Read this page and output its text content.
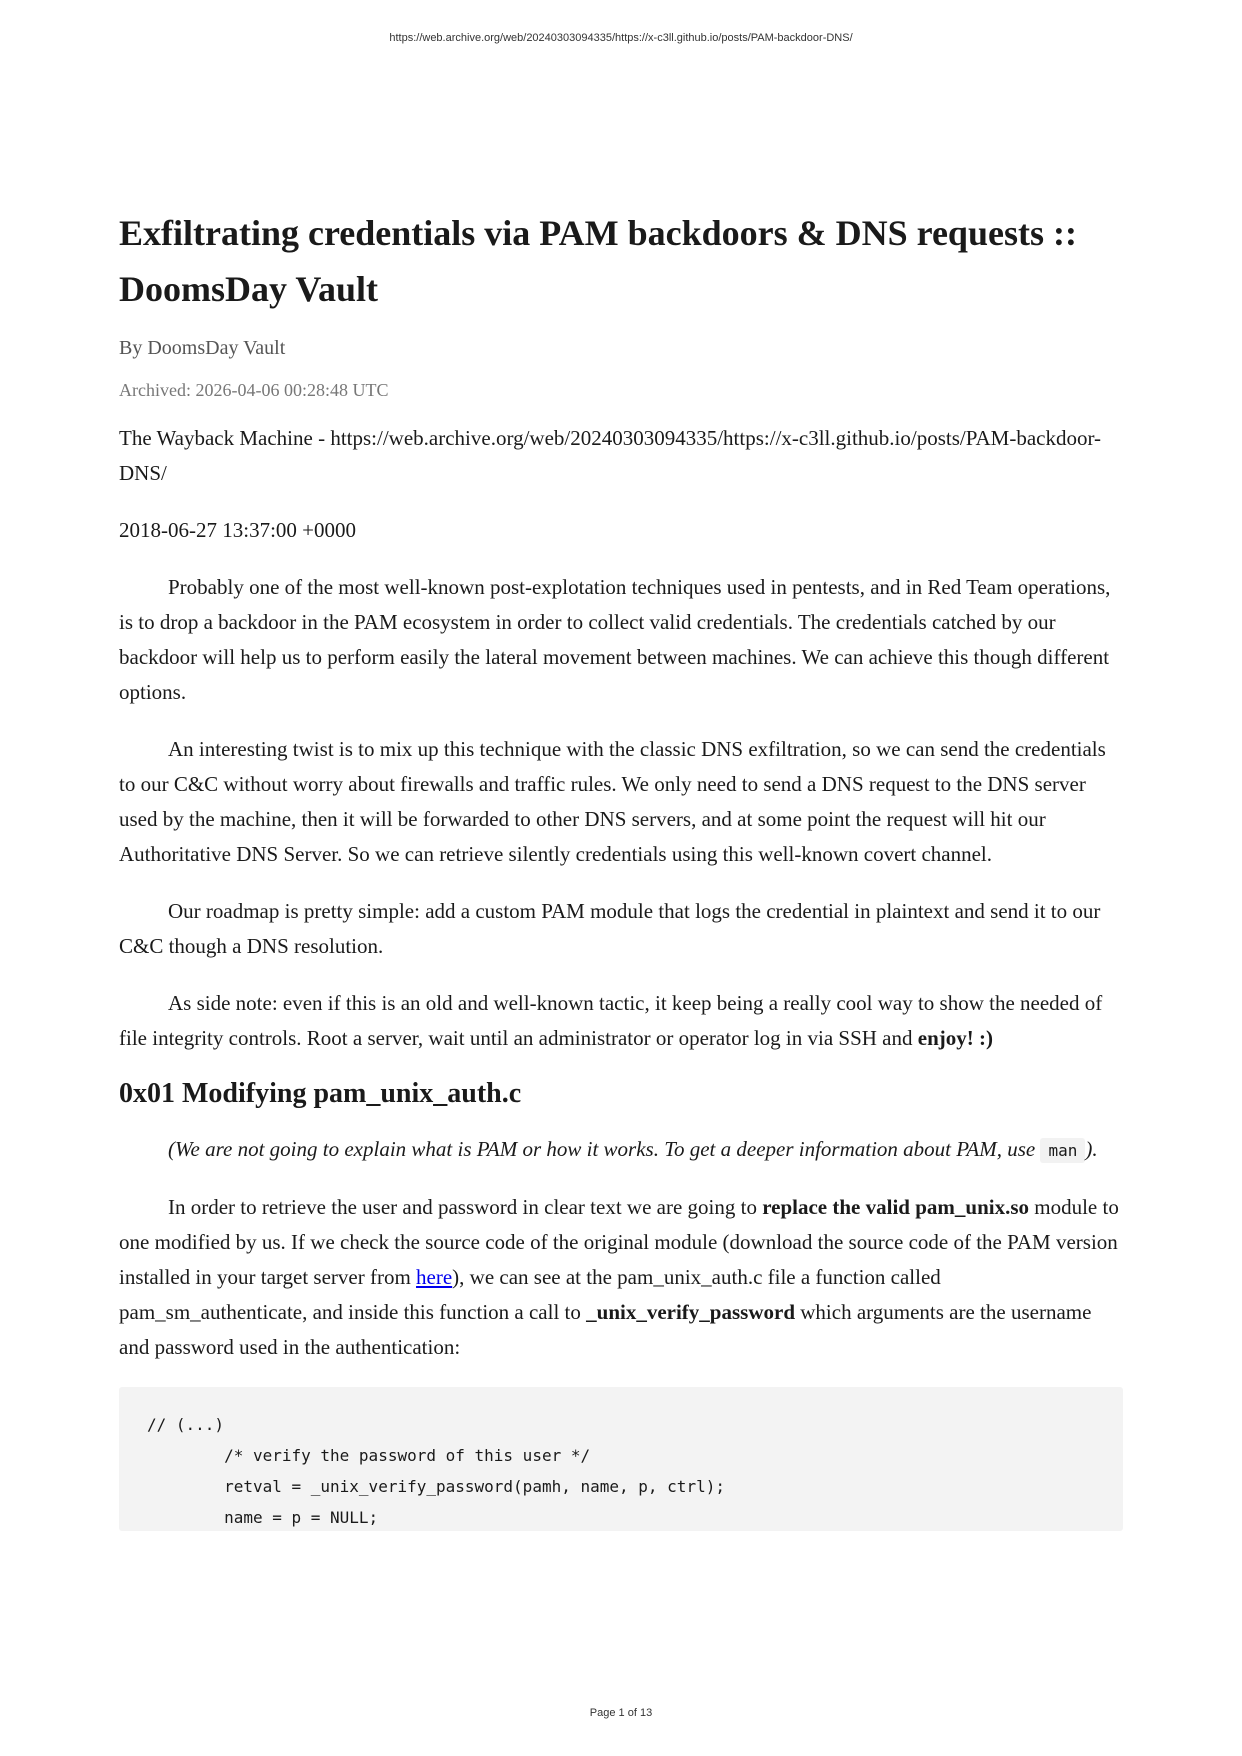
https://web.archive.org/web/20240303094335/https://x-c3ll.github.io/posts/PAM-backdoor-DNS/
Exfiltrating credentials via PAM backdoors & DNS requests :: DoomsDay Vault
By DoomsDay Vault
Archived: 2026-04-06 00:28:48 UTC

The Wayback Machine - https://web.archive.org/web/20240303094335/https://x-c3ll.github.io/posts/PAM-backdoor-DNS/

2018-06-27 13:37:00 +0000

Probably one of the most well-known post-explotation techniques used in pentests, and in Red Team operations, is to drop a backdoor in the PAM ecosystem in order to collect valid credentials. The credentials catched by our backdoor will help us to perform easily the lateral movement between machines. We can achieve this though different options.

An interesting twist is to mix up this technique with the classic DNS exfiltration, so we can send the credentials to our C&C without worry about firewalls and traffic rules. We only need to send a DNS request to the DNS server used by the machine, then it will be forwarded to other DNS servers, and at some point the request will hit our Authoritative DNS Server. So we can retrieve silently credentials using this well-known covert channel.

Our roadmap is pretty simple: add a custom PAM module that logs the credential in plaintext and send it to our C&C though a DNS resolution.

As side note: even if this is an old and well-known tactic, it keep being a really cool way to show the needed of file integrity controls. Root a server, wait until an administrator or operator log in via SSH and enjoy! :)

0x01 Modifying pam_unix_auth.c

(We are not going to explain what is PAM or how it works. To get a deeper information about PAM, use man ).

In order to retrieve the user and password in clear text we are going to replace the valid pam_unix.so module to one modified by us. If we check the source code of the original module (download the source code of the PAM version installed in your target server from here), we can see at the pam_unix_auth.c file a function called pam_sm_authenticate, and inside this function a call to _unix_verify_password which arguments are the username and password used in the authentication:

// (...)
/* verify the password of this user */
retval = _unix_verify_password(pamh, name, p, ctrl);
name = p = NULL;
Page 1 of 13
